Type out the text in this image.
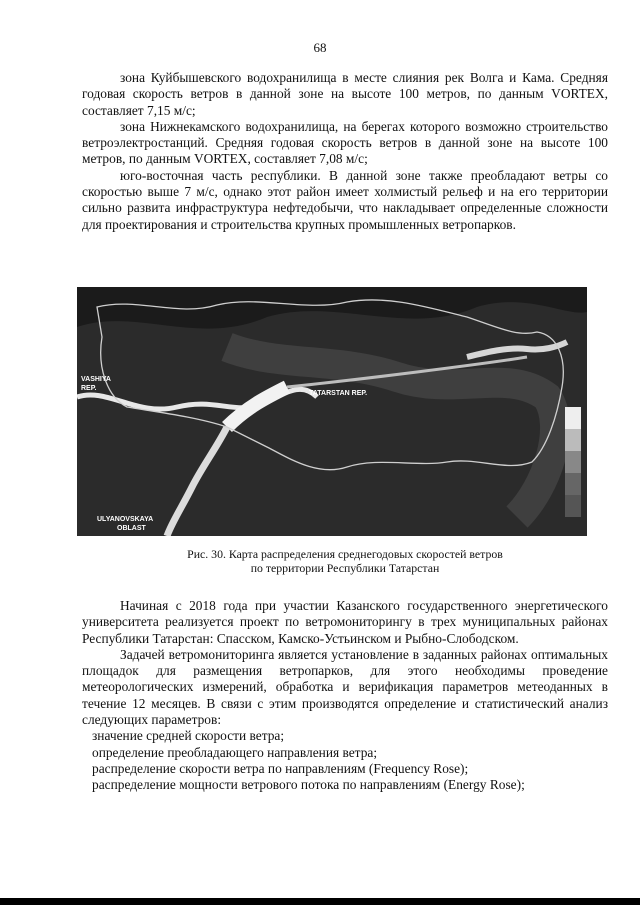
68

зона Куйбышевского водохранилища в месте слияния рек Волга и Кама. Средняя годовая скорость ветров в данной зоне на высоте 100 метров, по данным VORTEX, составляет 7,15 м/с;

зона Нижнекамского водохранилища, на берегах которого возможно строительство ветроэлектростанций. Средняя годовая скорость ветров в данной зоне на высоте 100 метров, по данным VORTEX, составляет 7,08 м/с;

юго-восточная часть республики. В данной зоне также преобладают ветры со скоростью выше 7 м/с, однако этот район имеет холмистый рельеф и на его территории сильно развита инфраструктура нефтедобычи, что накладывает определенные сложности для проектирования и строительства крупных промышленных ветропарков.

VASHIYA
REP.
TATARSTAN REP.
ULYANOVSKAYA
OBLAST
Рис. 30. Карта распределения среднегодовых скоростей ветров
по территории Республики Татарстан

Начиная с 2018 года при участии Казанского государственного энергетического университета реализуется проект по ветромониторингу в трех муниципальных районах Республики Татарстан: Спасском, Камско-Устьинском и Рыбно-Слободском.

Задачей ветромониторинга является установление в заданных районах оптимальных площадок для размещения ветропарков, для этого необходимы проведение метеорологических измерений, обработка и верификация параметров метеоданных в течение 12 месяцев. В связи с этим производятся определение и статистический анализ следующих параметров:

значение средней скорости ветра;
определение преобладающего направления ветра;
распределение скорости ветра по направлениям (Frequency Rose);
распределение мощности ветрового потока по направлениям (Energy Rose);
